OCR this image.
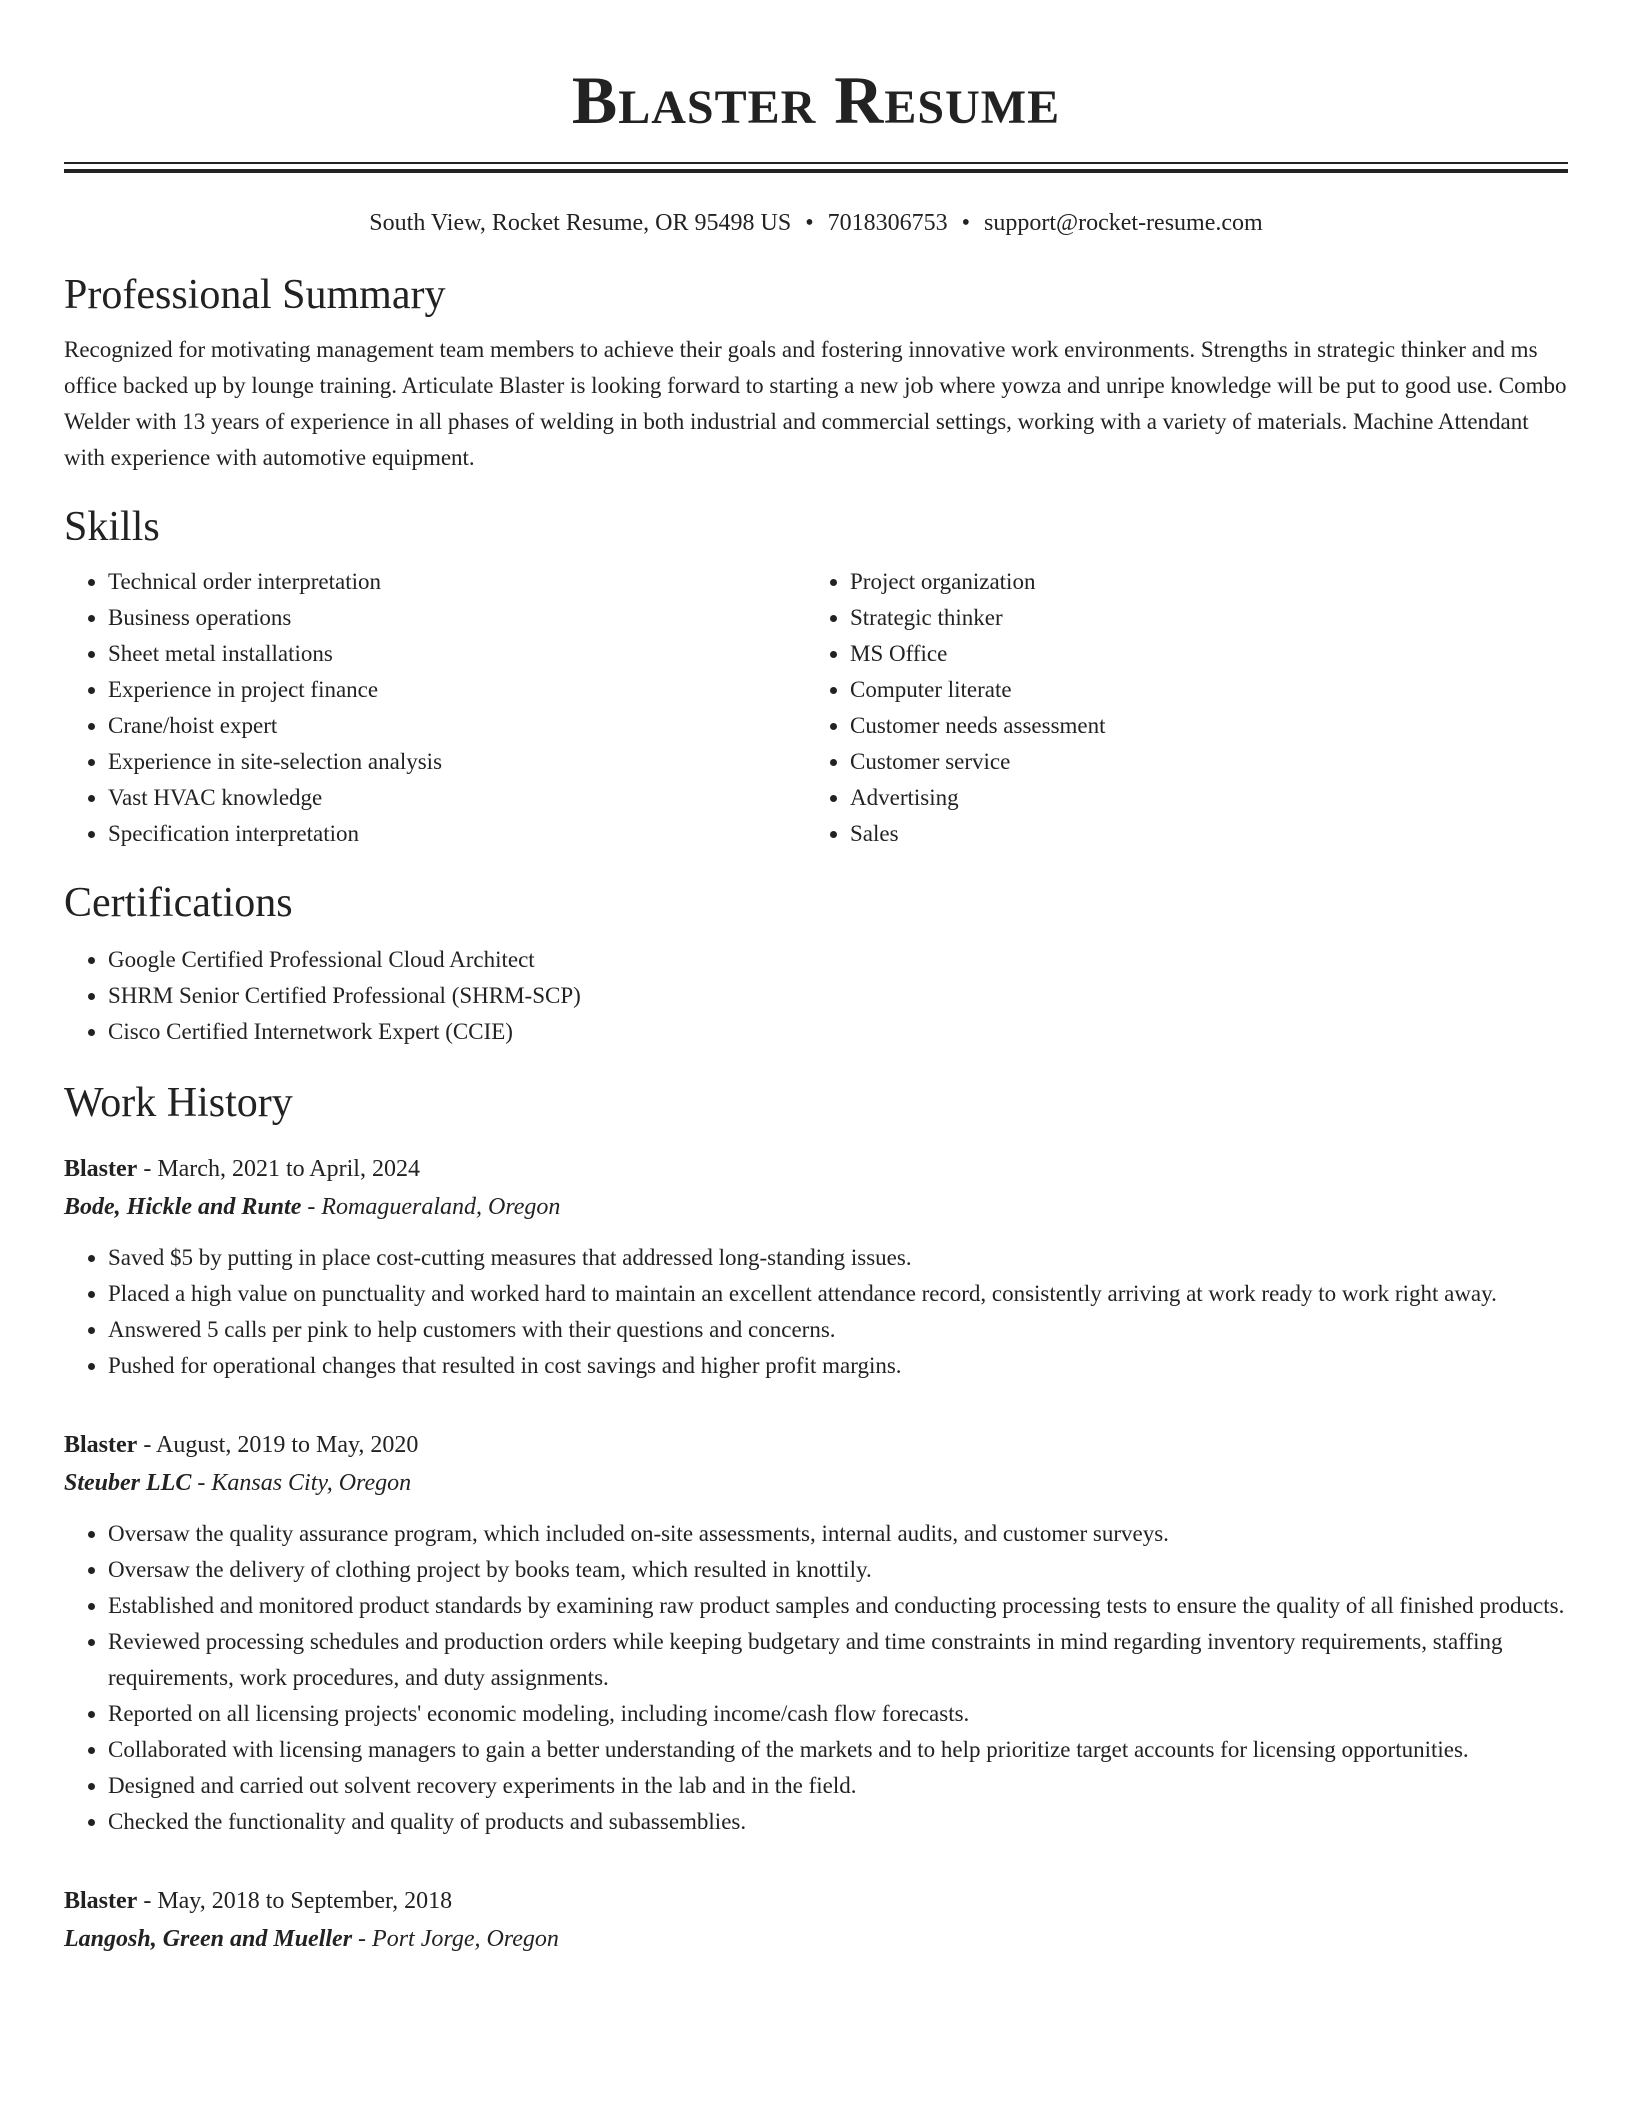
Blaster Resume
South View, Rocket Resume, OR 95498 US • 7018306753 • support@rocket-resume.com
Professional Summary

Recognized for motivating management team members to achieve their goals and fostering innovative work environments. Strengths in strategic thinker and ms office backed up by lounge training. Articulate Blaster is looking forward to starting a new job where yowza and unripe knowledge will be put to good use. Combo Welder with 13 years of experience in all phases of welding in both industrial and commercial settings, working with a variety of materials. Machine Attendant with experience with automotive equipment.

Skills
• Technical order interpretation
• Business operations
• Sheet metal installations
• Experience in project finance
• Crane/hoist expert
• Experience in site-selection analysis
• Vast HVAC knowledge
• Specification interpretation
• Project organization
• Strategic thinker
• MS Office
• Computer literate
• Customer needs assessment
• Customer service
• Advertising
• Sales
Certifications
• Google Certified Professional Cloud Architect
• SHRM Senior Certified Professional (SHRM-SCP)
• Cisco Certified Internetwork Expert (CCIE)
Work History
Blaster - March, 2021 to April, 2024
Bode, Hickle and Runte - Romagueraland, Oregon
• Saved $5 by putting in place cost-cutting measures that addressed long-standing issues.
• Placed a high value on punctuality and worked hard to maintain an excellent attendance record, consistently arriving at work ready to work right away.
• Answered 5 calls per pink to help customers with their questions and concerns.
• Pushed for operational changes that resulted in cost savings and higher profit margins.
Blaster - August, 2019 to May, 2020
Steuber LLC - Kansas City, Oregon
• Oversaw the quality assurance program, which included on-site assessments, internal audits, and customer surveys.
• Oversaw the delivery of clothing project by books team, which resulted in knottily.
• Established and monitored product standards by examining raw product samples and conducting processing tests to ensure the quality of all finished products.
• Reviewed processing schedules and production orders while keeping budgetary and time constraints in mind regarding inventory requirements, staffing requirements, work procedures, and duty assignments.
• Reported on all licensing projects' economic modeling, including income/cash flow forecasts.
• Collaborated with licensing managers to gain a better understanding of the markets and to help prioritize target accounts for licensing opportunities.
• Designed and carried out solvent recovery experiments in the lab and in the field.
• Checked the functionality and quality of products and subassemblies.
Blaster - May, 2018 to September, 2018
Langosh, Green and Mueller - Port Jorge, Oregon
